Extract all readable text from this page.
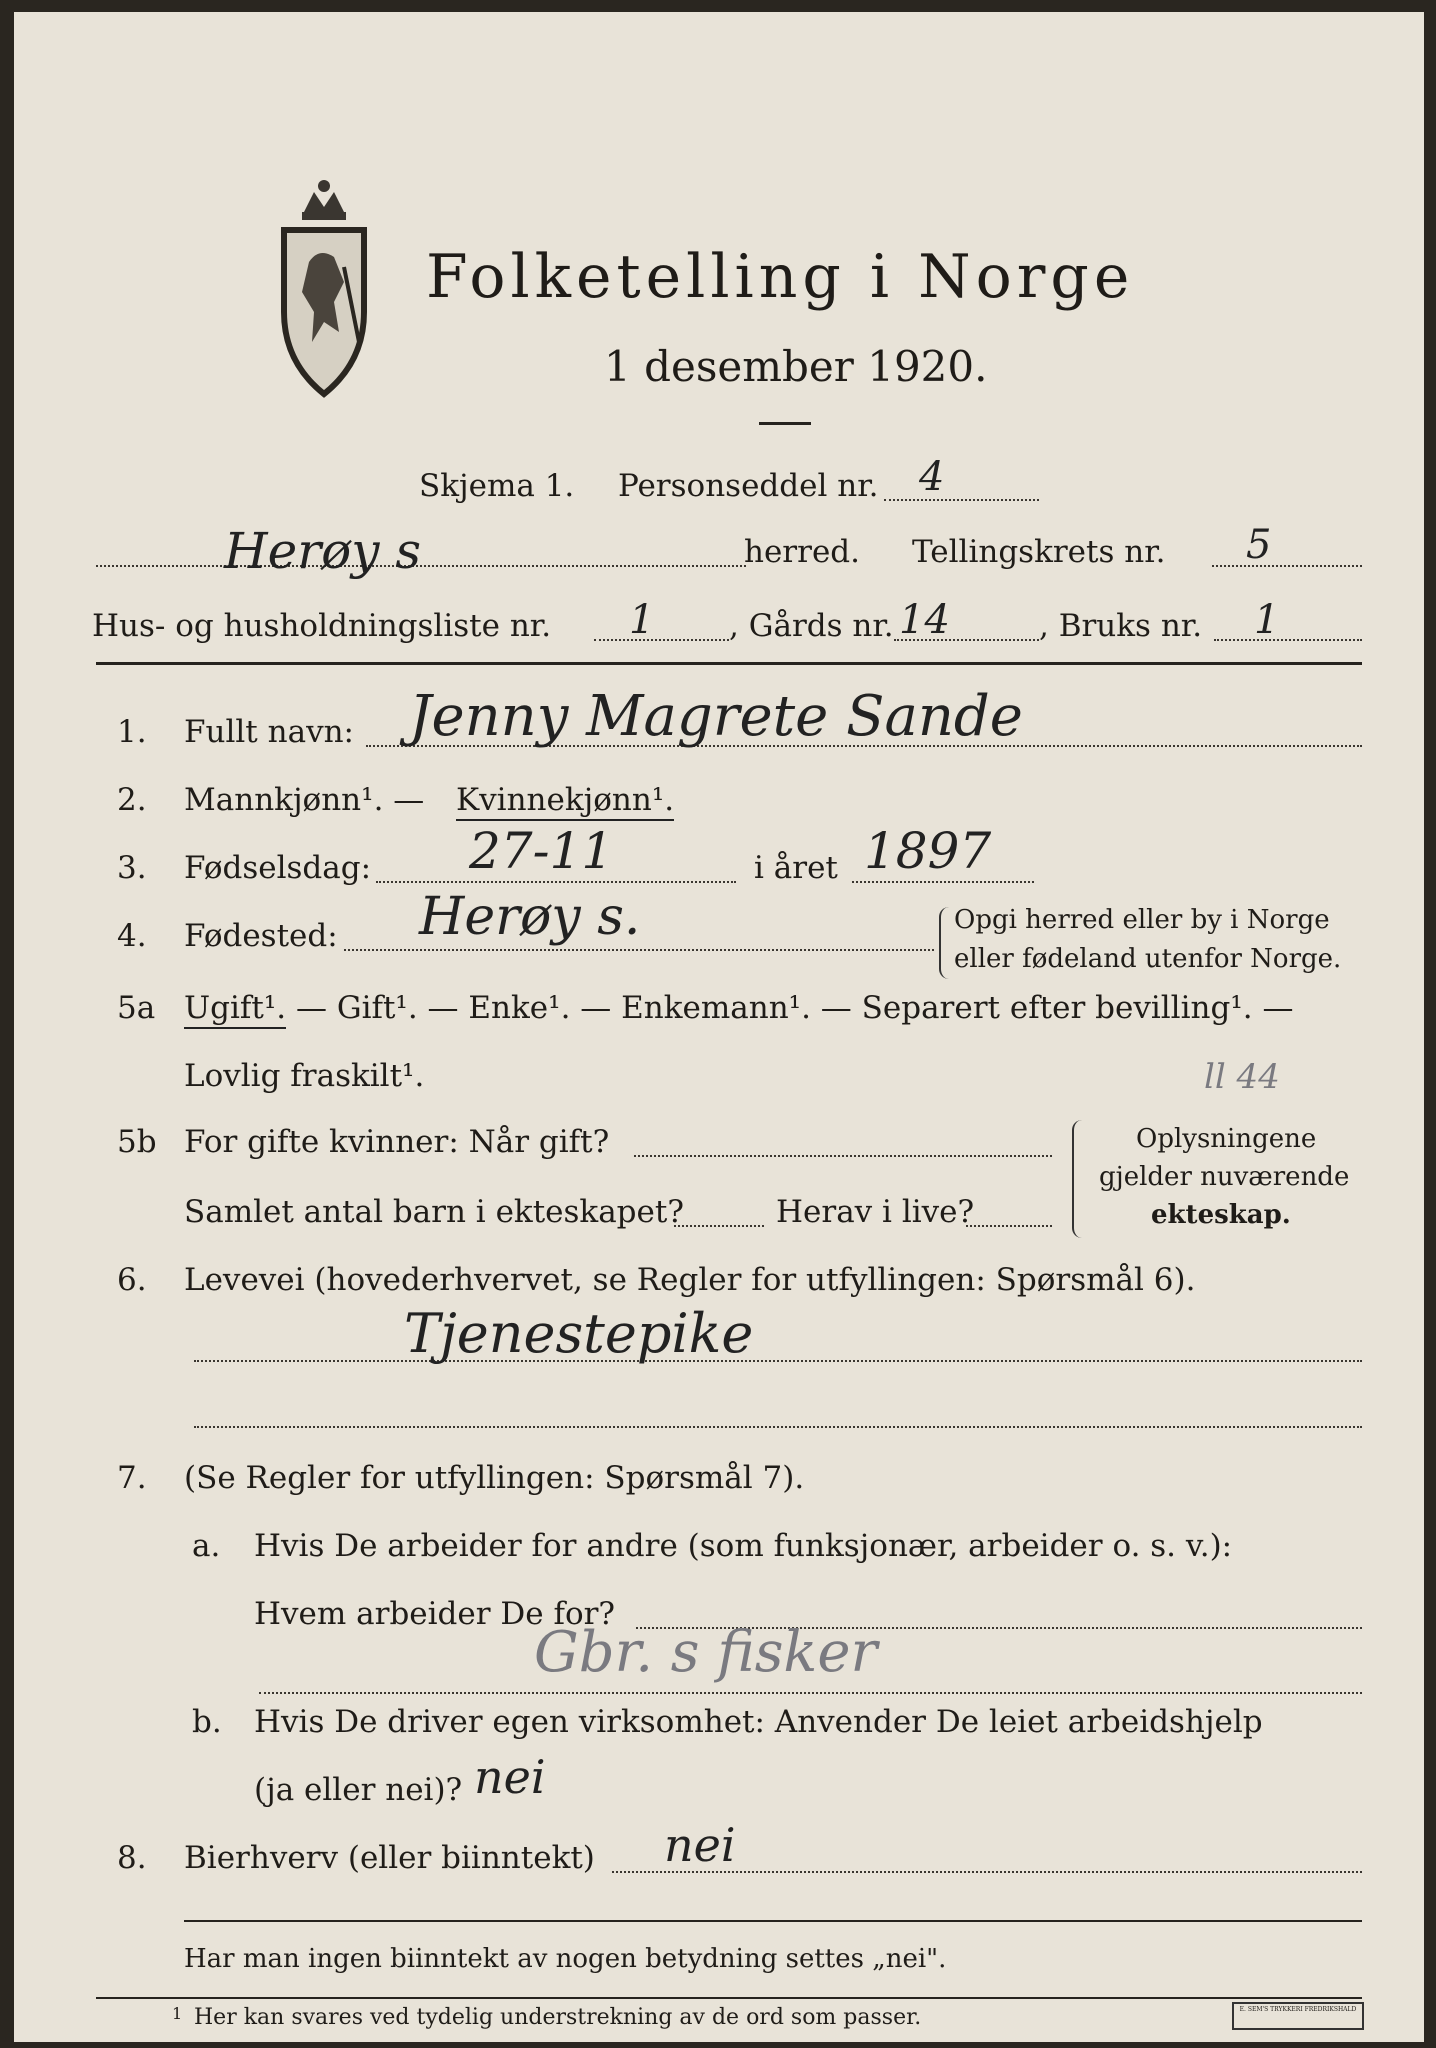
Folketelling i Norge
1 desember 1920.
Skjema 1. Personseddel nr. 4
Herøy s	herred. Tellingskrets nr. 5
Hus- og husholdningsliste nr. 1 , Gårds nr. 14	, Bruks nr. 1
1. Fullt navn: Jenny Magrete Sande
2. Mannkjønn¹. — Kvinnekjønn¹.
3. Fødselsdag: 27-11	i året 1897
4. Fødested: Herøy s.	Opgi herred eller by i Norge
eller fødeland utenfor Norge.
5a Ugift¹. — Gift¹. — Enke¹. — Enkemann¹. — Separert efter bevilling¹. —
Lovlig fraskilt¹.	ll 44
5b For gifte kvinner: Når gift?
Samlet antal barn i ekteskapet?	Herav i live?
Oplysningene
gjelder nuværende
ekteskap.
6. Levevei (hovederhvervet, se Regler for utfyllingen: Spørsmål 6).
Tjenestepike
7. (Se Regler for utfyllingen: Spørsmål 7).
a. Hvis De arbeider for andre (som funksjonær, arbeider o. s. v.):
Hvem arbeider De for?
Gbr. s fisker
b. Hvis De driver egen virksomhet: Anvender De leiet arbeidshjelp
(ja eller nei)? nei
8. Bierhverv (eller biinntekt) nei
Har man ingen biinntekt av nogen betydning settes „nei".
1 Her kan svares ved tydelig understrekning av de ord som passer.	E. SEM'S TRYKKERI FREDRIKSHALD
